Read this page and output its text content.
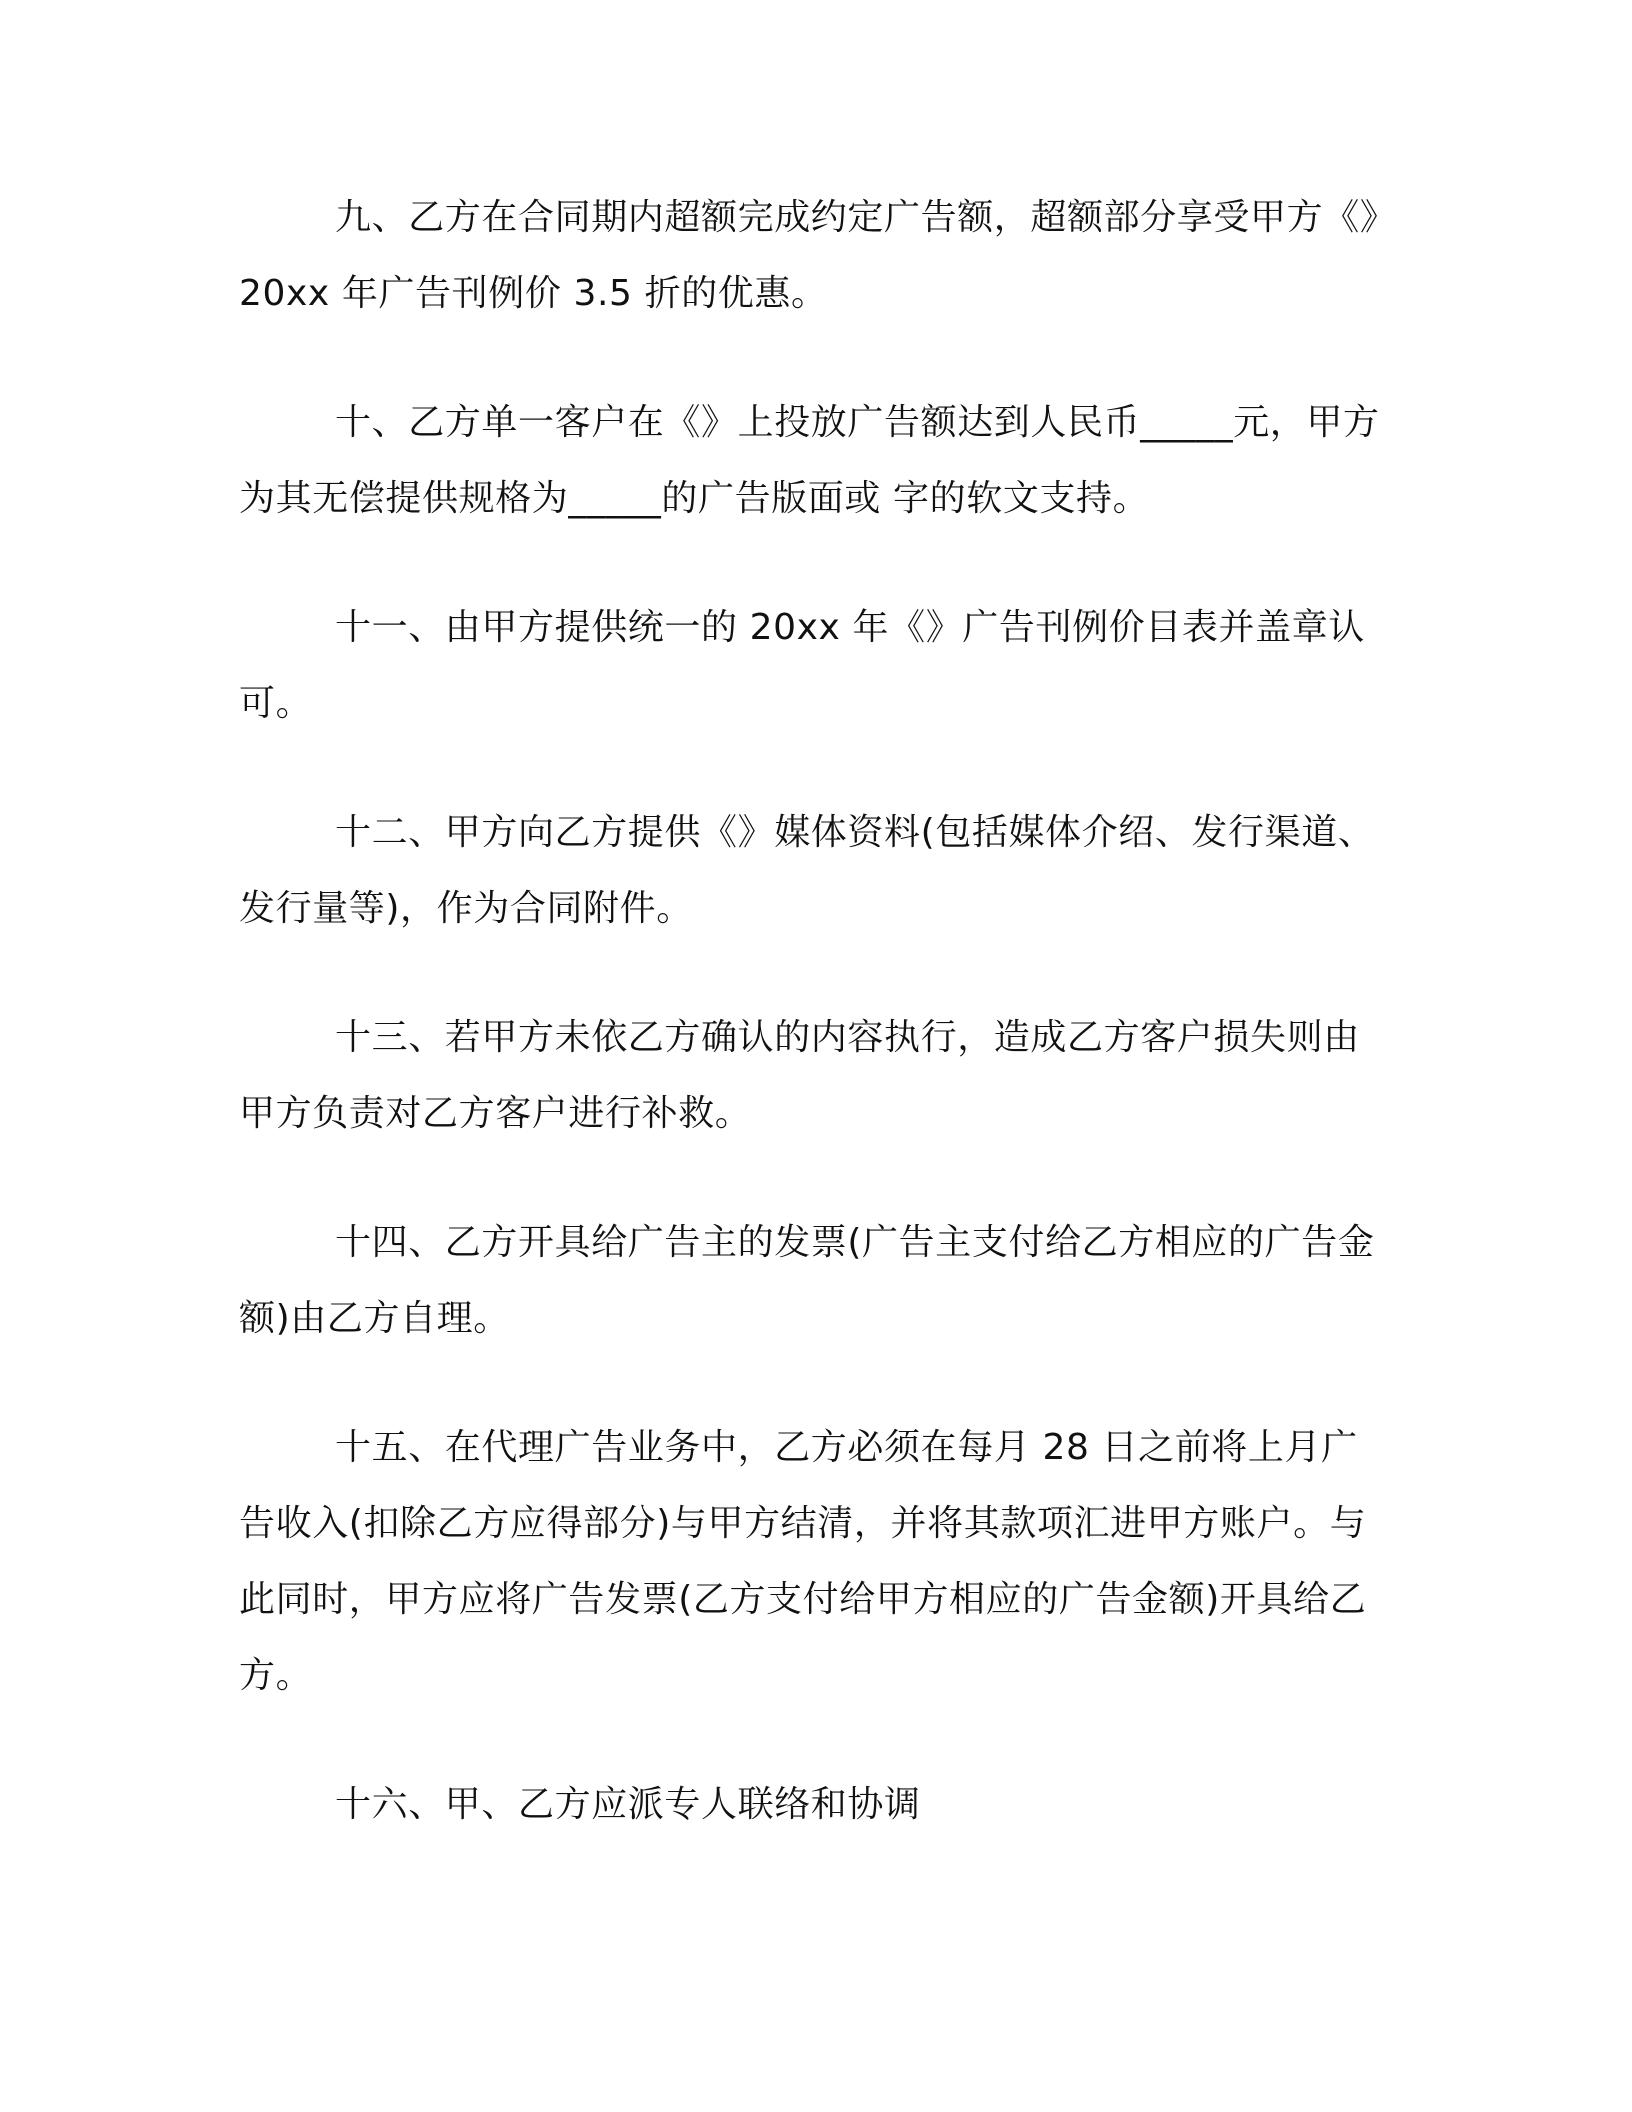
九、乙方在合同期内超额完成约定广告额，超额部分享受甲方《》20xx 年广告刊例价 3.5 折的优惠。

十、乙方单一客户在《》上投放广告额达到人民币_____元，甲方为其无偿提供规格为_____的广告版面或 字的软文支持。

十一、由甲方提供统一的 20xx 年《》广告刊例价目表并盖章认可。

十二、甲方向乙方提供《》媒体资料(包括媒体介绍、发行渠道、发行量等)，作为合同附件。

十三、若甲方未依乙方确认的内容执行，造成乙方客户损失则由甲方负责对乙方客户进行补救。

十四、乙方开具给广告主的发票(广告主支付给乙方相应的广告金额)由乙方自理。

十五、在代理广告业务中，乙方必须在每月 28 日之前将上月广告收入(扣除乙方应得部分)与甲方结清，并将其款项汇进甲方账户。与此同时，甲方应将广告发票(乙方支付给甲方相应的广告金额)开具给乙方。

十六、甲、乙方应派专人联络和协调
